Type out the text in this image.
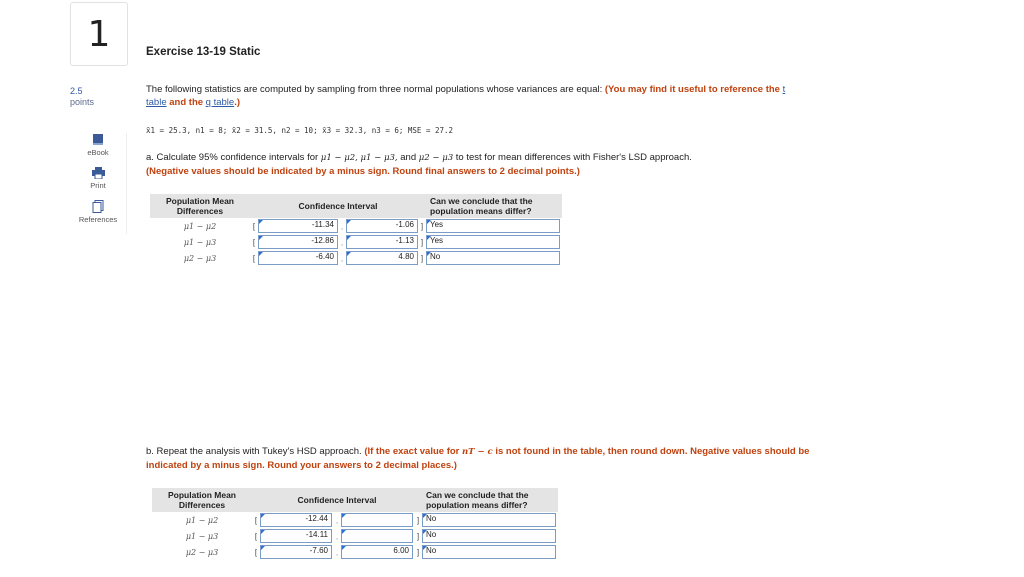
1
2.5
points
eBook
Print
References
Exercise 13-19 Static
The following statistics are computed by sampling from three normal populations whose variances are equal: (You may find it useful to reference the t table and the q table.)
x̄1 = 25.3, n1 = 8; x̄2 = 31.5, n2 = 10; x̄3 = 32.3, n3 = 6; MSE = 27.2
a. Calculate 95% confidence intervals for μ1 − μ2, μ1 − μ3, and μ2 − μ3 to test for mean differences with Fisher's LSD approach.
(Negative values should be indicated by a minus sign. Round final answers to 2 decimal points.)
Population Mean Differences	Confidence Interval					Can we conclude that the population means differ?
μ1 − μ2	[	-11.34	,	-1.06	]	Yes

μ1 − μ3	[	-12.86	,	-1.13	]	Yes

μ2 − μ3	[	-6.40	,	4.80	]	No
b. Repeat the analysis with Tukey's HSD approach. (If the exact value for nT − c is not found in the table, then round down. Negative values should be indicated by a minus sign. Round your answers to 2 decimal places.)
Population Mean Differences	Confidence Interval					Can we conclude that the population means differ?
μ1 − μ2	[	-12.44	,		]	No

μ1 − μ3	[	-14.11	,		]	No

μ2 − μ3	[	-7.60	,	6.00	]	No
